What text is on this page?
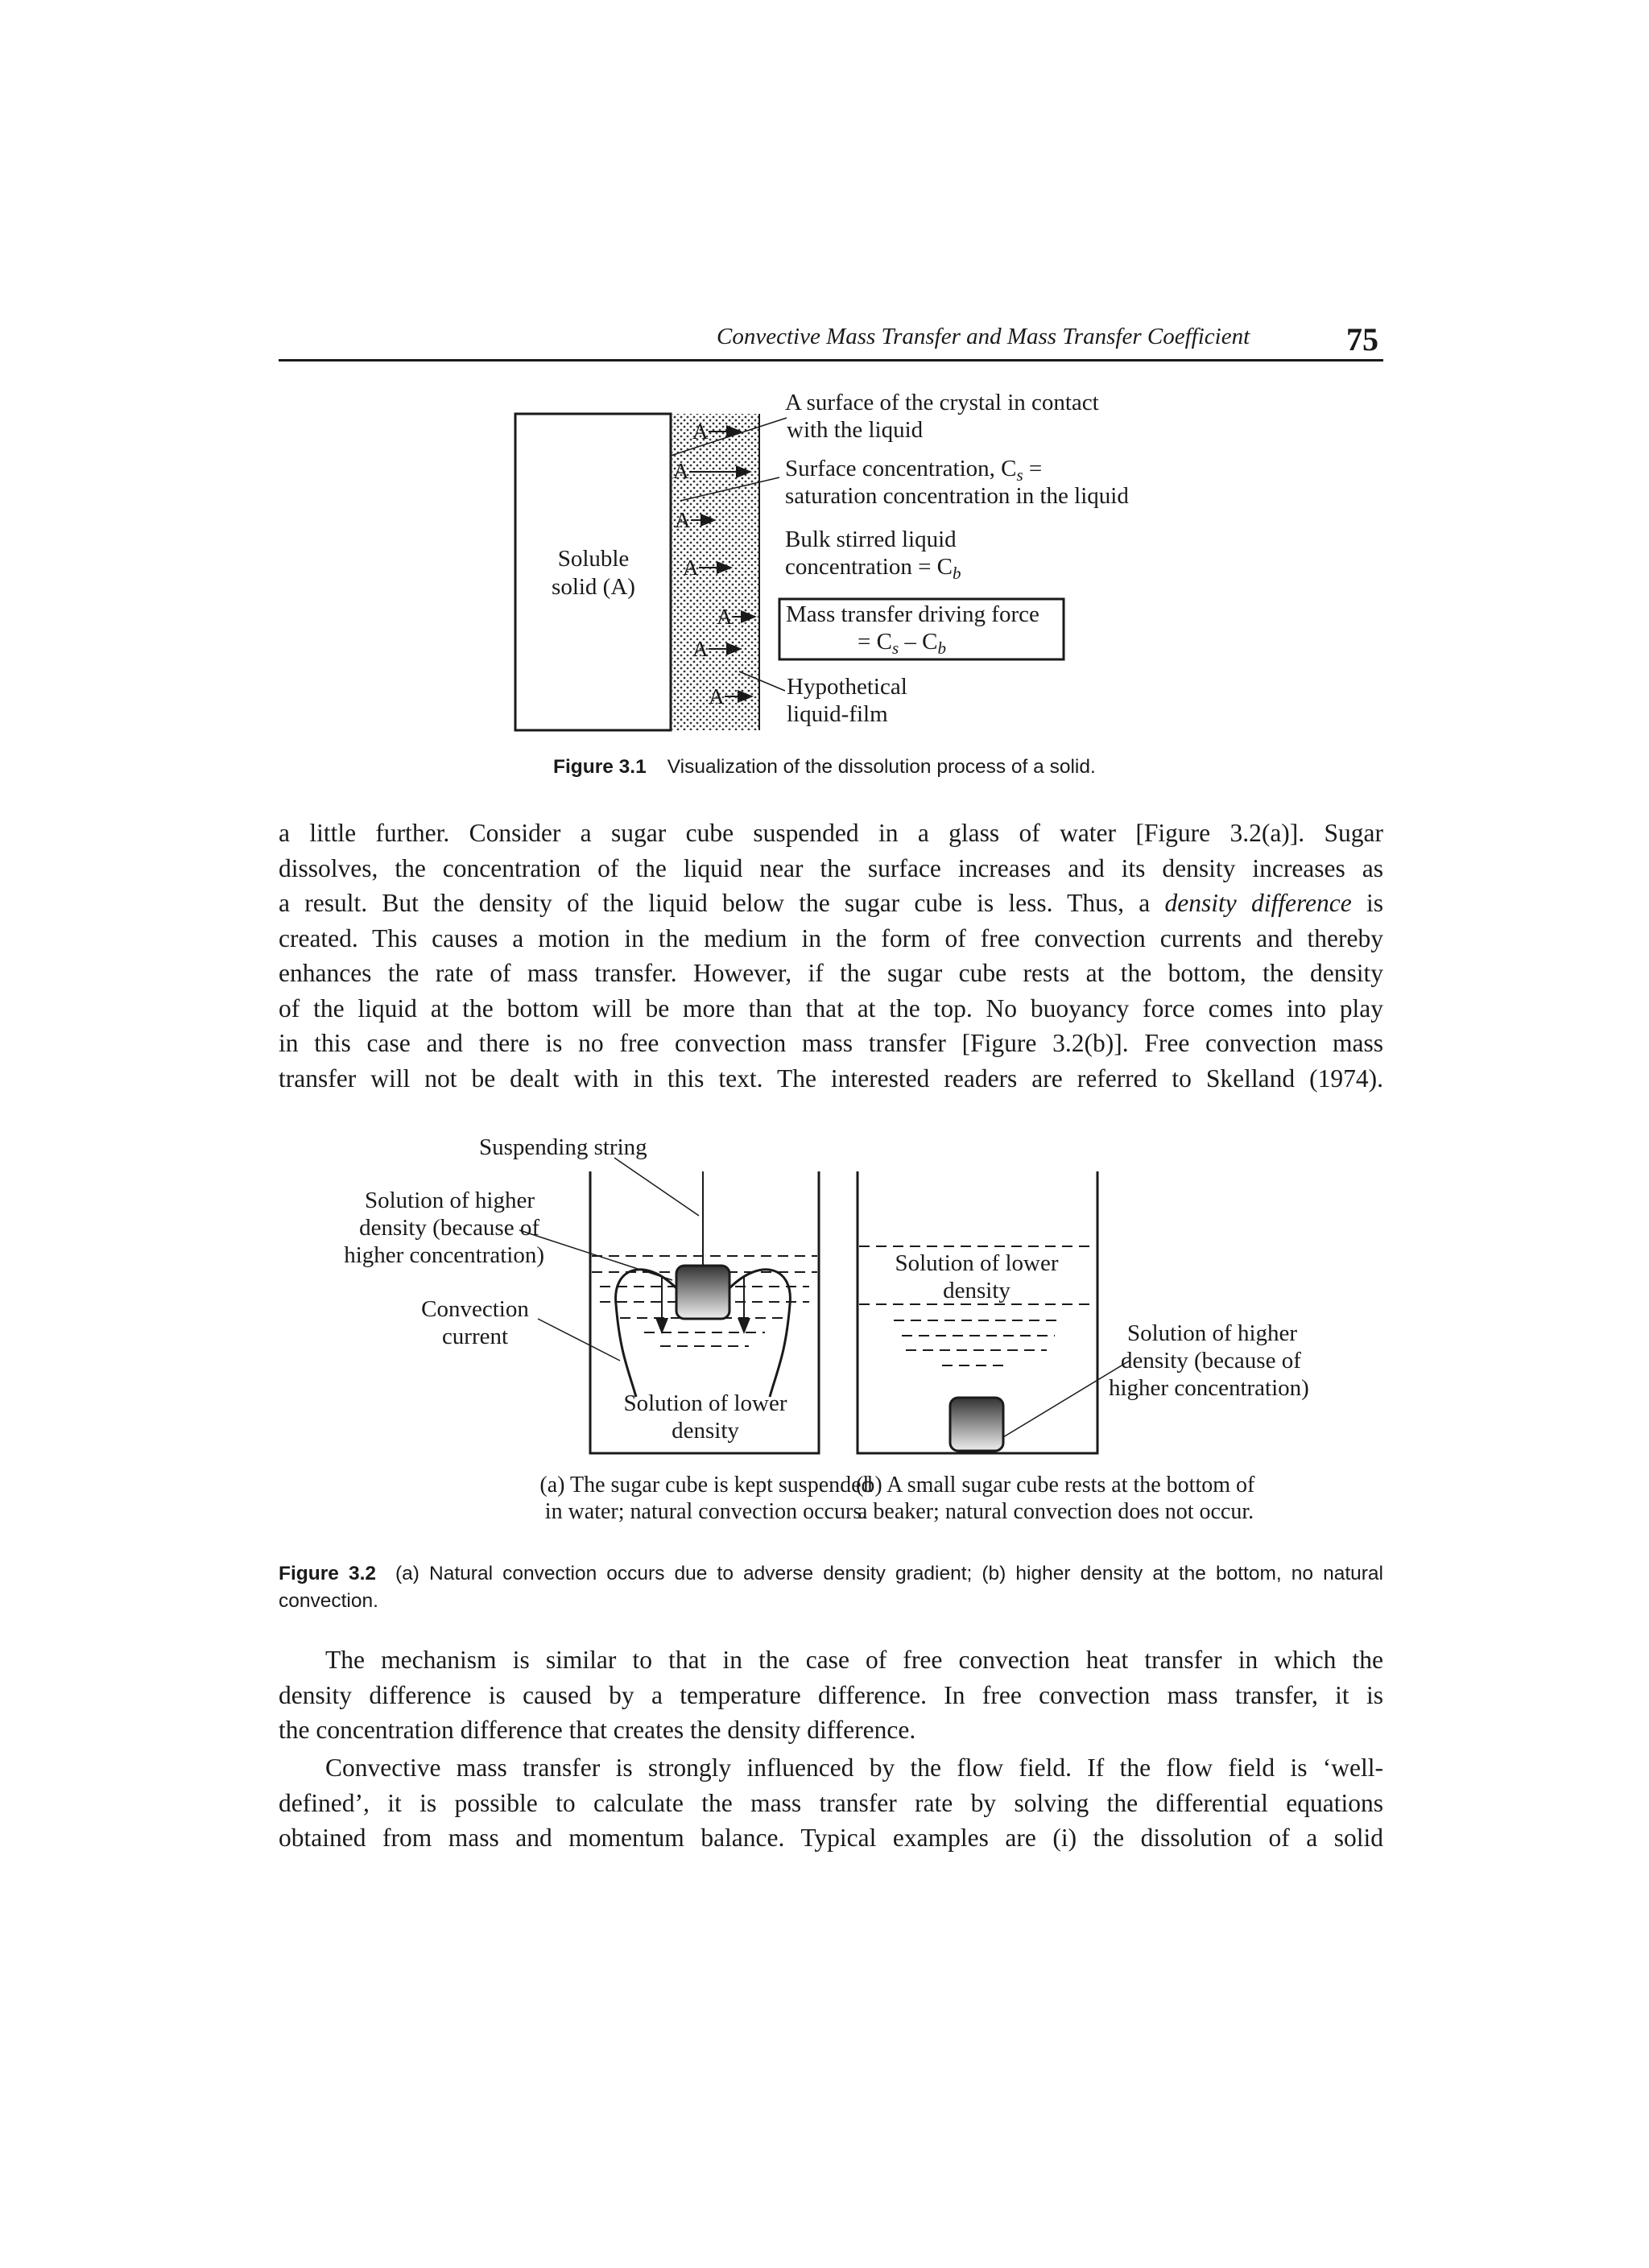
Convective Mass Transfer and Mass Transfer Coefficient	75
Soluble
solid (A)
A
A
A
A
A
A
A
A surface of the crystal in contact
with the liquid
Surface concentration, $C_s$ =
saturation concentration in the liquid
Bulk stirred liquid
concentration = $C_b$
Mass transfer driving force
= $C_s - C_b$
Hypothetical
liquid-film
Figure 3.1 Visualization of the dissolution process of a solid.
a little further. Consider a sugar cube suspended in a glass of water [Figure 3.2(a)]. Sugar
dissolves, the concentration of the liquid near the surface increases and its density increases as
a result. But the density of the liquid below the sugar cube is less. Thus, a density difference is
created. This causes a motion in the medium in the form of free convection currents and thereby
enhances the rate of mass transfer. However, if the sugar cube rests at the bottom, the density
of the liquid at the bottom will be more than that at the top. No buoyancy force comes into play
in this case and there is no free convection mass transfer [Figure 3.2(b)]. Free convection mass
transfer will not be dealt with in this text. The interested readers are referred to Skelland (1974).
Suspending string
Solution of higher
density (because of
higher concentration)
Convection
current
Solution of lower
density
Solution of lower
density
Solution of higher
density (because of
higher concentration)
(a) The sugar cube is kept suspended
in water; natural convection occurs.
(b) A small sugar cube rests at the bottom of
a beaker; natural convection does not occur.
Figure 3.2 (a) Natural convection occurs due to adverse density gradient; (b) higher density at the bottom, no natural convection.
The mechanism is similar to that in the case of free convection heat transfer in which the
density difference is caused by a temperature difference. In free convection mass transfer, it is
the concentration difference that creates the density difference.
Convective mass transfer is strongly influenced by the flow field. If the flow field is ‘well-
defined’, it is possible to calculate the mass transfer rate by solving the differential equations
obtained from mass and momentum balance. Typical examples are (i) the dissolution of a solid
